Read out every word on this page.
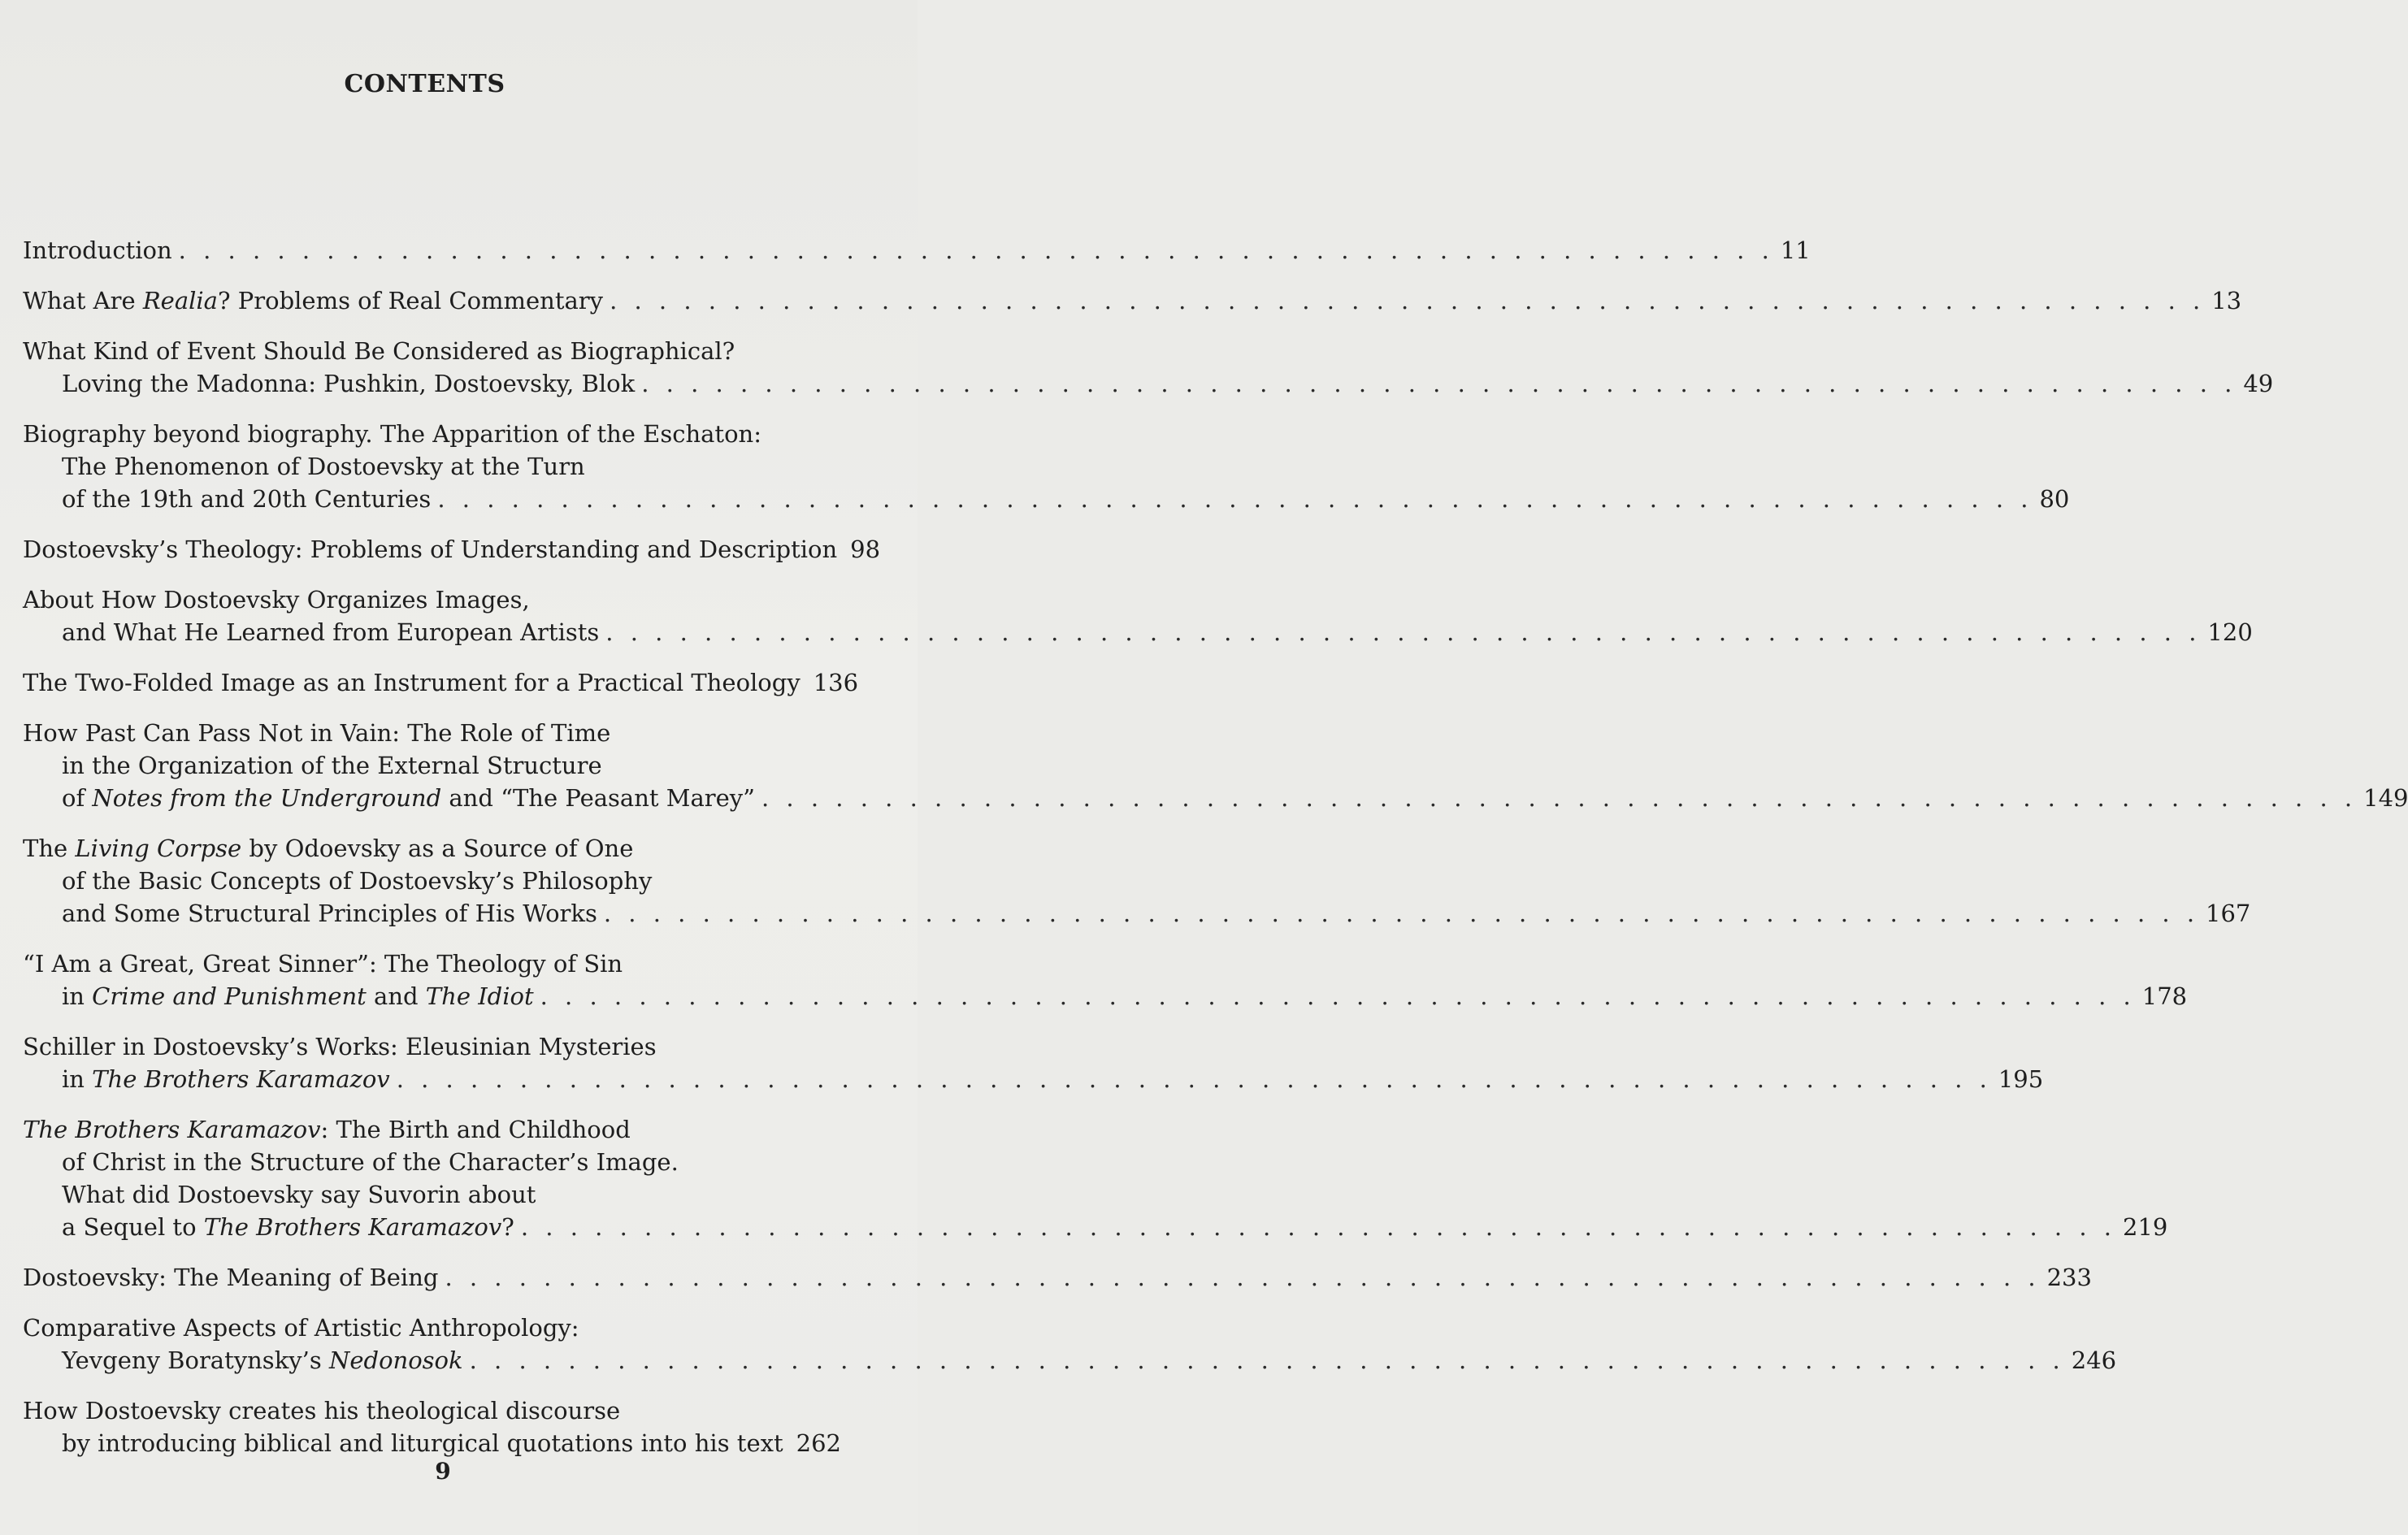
CONTENTS
Introduction . . . . . . . . . . . . . . . . . . . . . . . . . . . . . . . . . . . . . . . . . . . . . . . . . . . . . . . . . . . . . . . . . 11
What Are Realia? Problems of Real Commentary . . . . . . . . . . . . . . . . . . . . . . . . . . . . . . . . . . . . . . . . . . . . . . . . . . . . . . . . . . . . . . . . . 13
What Kind of Event Should Be Considered as Biographical?
Loving the Madonna: Pushkin, Dostoevsky, Blok . . . . . . . . . . . . . . . . . . . . . . . . . . . . . . . . . . . . . . . . . . . . . . . . . . . . . . . . . . . . . . . . . 49
Biography beyond biography. The Apparition of the Eschaton:
The Phenomenon of Dostoevsky at the Turn
of the 19th and 20th Centuries . . . . . . . . . . . . . . . . . . . . . . . . . . . . . . . . . . . . . . . . . . . . . . . . . . . . . . . . . . . . . . . . . 80
Dostoevsky’s Theology: Problems of Understanding and Description 98
About How Dostoevsky Organizes Images,
and What He Learned from European Artists . . . . . . . . . . . . . . . . . . . . . . . . . . . . . . . . . . . . . . . . . . . . . . . . . . . . . . . . . . . . . . . . . 120
The Two-Folded Image as an Instrument for a Practical Theology 136
How Past Can Pass Not in Vain: The Role of Time
in the Organization of the External Structure
of Notes from the Underground and “The Peasant Marey” . . . . . . . . . . . . . . . . . . . . . . . . . . . . . . . . . . . . . . . . . . . . . . . . . . . . . . . . . . . . . . . . . 149
The Living Corpse by Odoevsky as a Source of One
of the Basic Concepts of Dostoevsky’s Philosophy
and Some Structural Principles of His Works . . . . . . . . . . . . . . . . . . . . . . . . . . . . . . . . . . . . . . . . . . . . . . . . . . . . . . . . . . . . . . . . . 167
“I Am a Great, Great Sinner”: The Theology of Sin
in Crime and Punishment and The Idiot . . . . . . . . . . . . . . . . . . . . . . . . . . . . . . . . . . . . . . . . . . . . . . . . . . . . . . . . . . . . . . . . . 178
Schiller in Dostoevsky’s Works: Eleusinian Mysteries
in The Brothers Karamazov . . . . . . . . . . . . . . . . . . . . . . . . . . . . . . . . . . . . . . . . . . . . . . . . . . . . . . . . . . . . . . . . . 195
The Brothers Karamazov: The Birth and Childhood
of Christ in the Structure of the Character’s Image.
What did Dostoevsky say Suvorin about
a Sequel to The Brothers Karamazov? . . . . . . . . . . . . . . . . . . . . . . . . . . . . . . . . . . . . . . . . . . . . . . . . . . . . . . . . . . . . . . . . . 219
Dostoevsky: The Meaning of Being . . . . . . . . . . . . . . . . . . . . . . . . . . . . . . . . . . . . . . . . . . . . . . . . . . . . . . . . . . . . . . . . . 233
Comparative Aspects of Artistic Anthropology:
Yevgeny Boratynsky’s Nedonosok . . . . . . . . . . . . . . . . . . . . . . . . . . . . . . . . . . . . . . . . . . . . . . . . . . . . . . . . . . . . . . . . . 246
How Dostoevsky creates his theological discourse
by introducing biblical and liturgical quotations into his text 262
9
